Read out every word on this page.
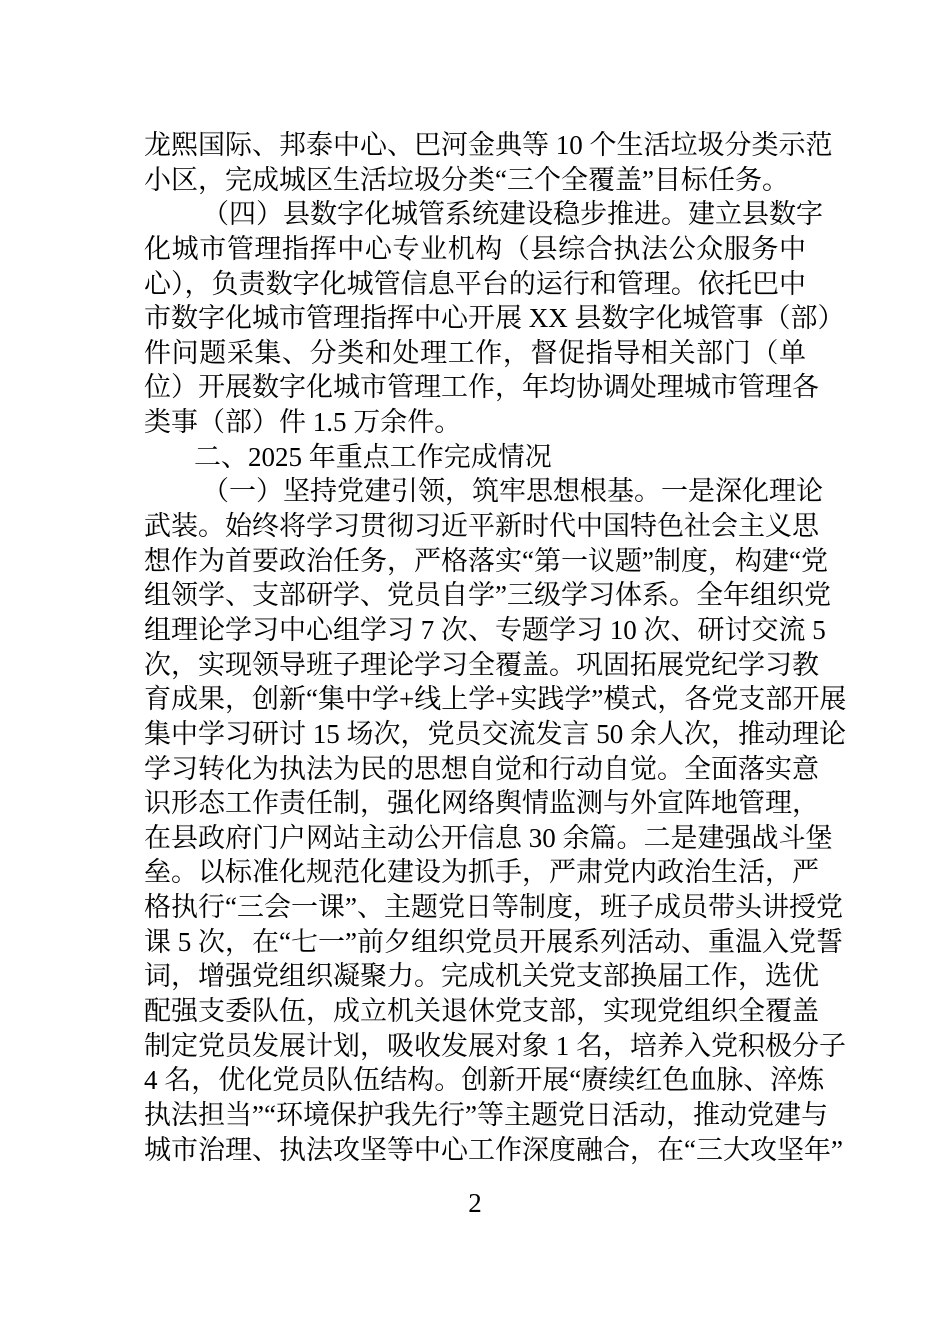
龙熙国际、邦泰中心、巴河金典等 10 个生活垃圾分类示范
小区，完成城区生活垃圾分类“三个全覆盖”目标任务。
（四）县数字化城管系统建设稳步推进。建立县数字
化城市管理指挥中心专业机构（县综合执法公众服务中
心），负责数字化城管信息平台的运行和管理。依托巴中
市数字化城市管理指挥中心开展 XX 县数字化城管事（部）
件问题采集、分类和处理工作，督促指导相关部门（单
位）开展数字化城市管理工作，年均协调处理城市管理各
类事（部）件 1.5 万余件。
二、2025 年重点工作完成情况
（一）坚持党建引领，筑牢思想根基。一是深化理论
武装。始终将学习贯彻习近平新时代中国特色社会主义思
想作为首要政治任务，严格落实“第一议题”制度，构建“党
组领学、支部研学、党员自学”三级学习体系。全年组织党
组理论学习中心组学习 7 次、专题学习 10 次、研讨交流 5
次，实现领导班子理论学习全覆盖。巩固拓展党纪学习教
育成果，创新“集中学+线上学+实践学”模式，各党支部开展
集中学习研讨 15 场次，党员交流发言 50 余人次，推动理论
学习转化为执法为民的思想自觉和行动自觉。全面落实意
识形态工作责任制，强化网络舆情监测与外宣阵地管理，
在县政府门户网站主动公开信息 30 余篇。二是建强战斗堡
垒。以标准化规范化建设为抓手，严肃党内政治生活，严
格执行“三会一课”、主题党日等制度，班子成员带头讲授党
课 5 次，在“七一”前夕组织党员开展系列活动、重温入党誓
词，增强党组织凝聚力。完成机关党支部换届工作，选优
配强支委队伍，成立机关退休党支部，实现党组织全覆盖
制定党员发展计划，吸收发展对象 1 名，培养入党积极分子
4 名，优化党员队伍结构。创新开展“赓续红色血脉、淬炼
执法担当”“环境保护我先行”等主题党日活动，推动党建与
城市治理、执法攻坚等中心工作深度融合，在“三大攻坚年”
2
